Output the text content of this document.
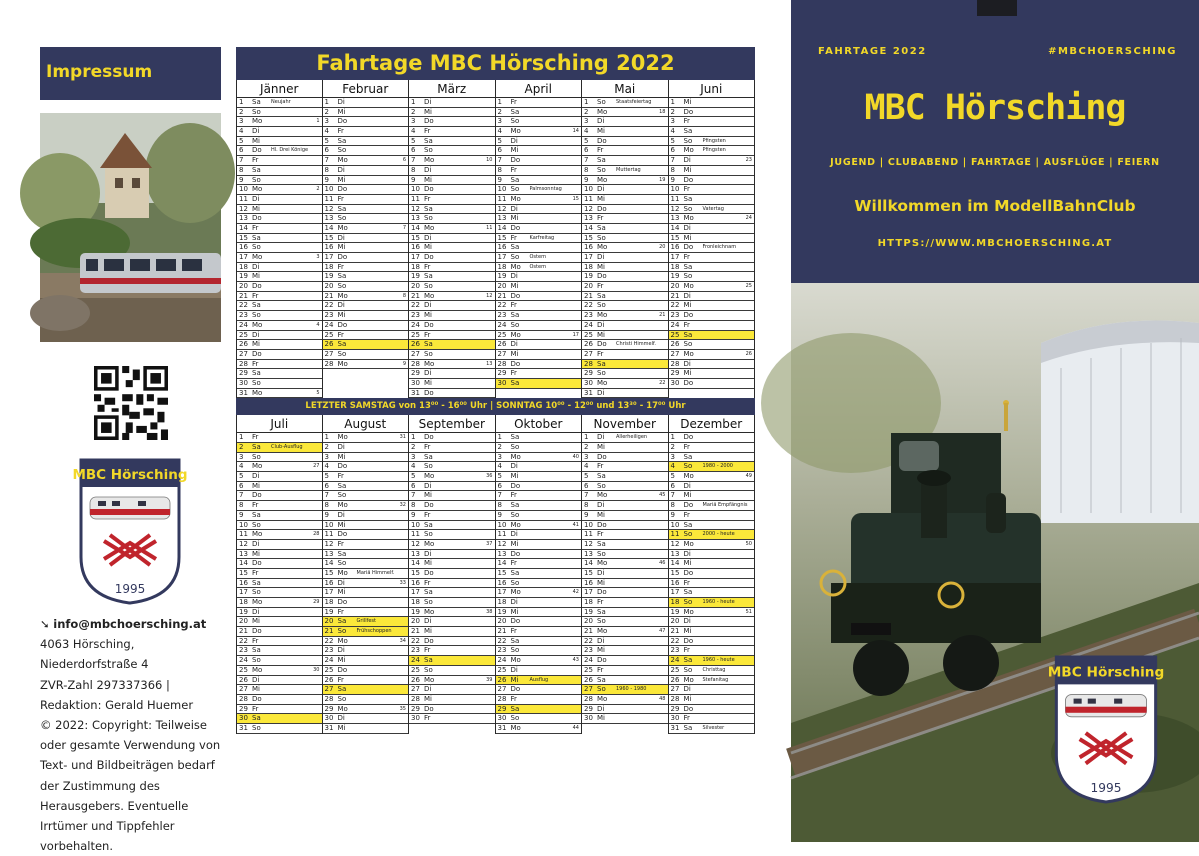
Impressum
MBC Hörsching
1995
➘ info@mbchoersching.at
4063 Hörsching, Niederdorfstraße 4
ZVR-Zahl 297337366 |
Redaktion: Gerald Huemer
© 2022: Copyright: Teilweise oder gesamte Verwendung von Text- und Bildbeiträgen bedarf der Zustimmung des Herausgebers. Eventuelle Irrtümer und Tippfehler vorbehalten.
Fahrtage MBC Hörsching 2022
Jänner
1 Sa Neujahr
2 So
3 Mo	1
4 Di
5 Mi
6 Do Hl. Drei Könige
7 Fr
8 Sa
9 So
10 Mo	2
11 Di
12 Mi
13 Do
14 Fr
15 Sa
16 So
17 Mo	3
18 Di
19 Mi
20 Do
21 Fr
22 Sa
23 So
24 Mo	4
25 Di
26 Mi
27 Do
28 Fr
29 Sa
30 So
31 Mo	5
Februar
1 Di
2 Mi
3 Do
4 Fr
5 Sa
6 So
7 Mo	6
8 Di
9 Mi
10 Do
11 Fr
12 Sa
13 So
14 Mo	7
15 Di
16 Mi
17 Do
18 Fr
19 Sa
20 So
21 Mo	8
22 Di
23 Mi
24 Do
25 Fr
26 Sa
27 So
28 Mo	9
März
1 Di
2 Mi
3 Do
4 Fr
5 Sa
6 So
7 Mo	10
8 Di
9 Mi
10 Do
11 Fr
12 Sa
13 So
14 Mo	11
15 Di
16 Mi
17 Do
18 Fr
19 Sa
20 So
21 Mo	12
22 Di
23 Mi
24 Do
25 Fr
26 Sa
27 So
28 Mo	13
29 Di
30 Mi
31 Do
April
1 Fr
2 Sa
3 So
4 Mo	14
5 Di
6 Mi
7 Do
8 Fr
9 Sa
10 So Palmsonntag
11 Mo	15
12 Di
13 Mi
14 Do
15 Fr	Karfreitag
16 Sa
17 So Ostern
18 Mo Ostern
19 Di
20 Mi
21 Do
22 Fr
23 Sa
24 So
25 Mo	17
26 Di
27 Mi
28 Do
29 Fr
30 Sa
Mai
1 So Staatsfeiertag
2 Mo	18
3 Di
4 Mi
5 Do
6 Fr
7 Sa
8 So Muttertag
9 Mo	19
10 Di
11 Mi
12 Do
13 Fr
14 Sa
15 So
16 Mo	20
17 Di
18 Mi
19 Do
20 Fr
21 Sa
22 So
23 Mo	21
24 Di
25 Mi
26 Do Christi Himmelf.
27 Fr
28 Sa
29 So
30 Mo	22
31 Di
Juni
1 Mi
2 Do
3 Fr
4 Sa
5 So Pfingsten
6 Mo Pfingsten
7 Di	23
8 Mi
9 Do
10 Fr
11 Sa
12 So Vatertag
13 Mo	24
14 Di
15 Mi
16 Do Fronleichnam
17 Fr
18 Sa
19 So
20 Mo	25
21 Di
22 Mi
23 Do
24 Fr
25 Sa
26 So
27 Mo	26
28 Di
29 Mi
30 Do
LETZTER SAMSTAG von 13⁰⁰ - 16⁰⁰ Uhr | SONNTAG 10⁰⁰ - 12⁰⁰ und 13³⁰ - 17⁰⁰ Uhr
Juli
1 Fr
2 Sa Club-Ausflug
3 So
4 Mo	27
5 Di
6 Mi
7 Do
8 Fr
9 Sa
10 So
11 Mo	28
12 Di
13 Mi
14 Do
15 Fr
16 Sa
17 So
18 Mo	29
19 Di
20 Mi
21 Do
22 Fr
23 Sa
24 So
25 Mo	30
26 Di
27 Mi
28 Do
29 Fr
30 Sa
31 So
August
1 Mo	31
2 Di
3 Mi
4 Do
5 Fr
6 Sa
7 So
8 Mo	32
9 Di
10 Mi
11 Do
12 Fr
13 Sa
14 So
15 Mo Mariä Himmelf.
16 Di	33
17 Mi
18 Do
19 Fr
20 Sa Grillfest
21 So Frühschoppen
22 Mo	34
23 Di
24 Mi
25 Do
26 Fr
27 Sa
28 So
29 Mo	35
30 Di
31 Mi
September
1 Do
2 Fr
3 Sa
4 So
5 Mo	36
6 Di
7 Mi
8 Do
9 Fr
10 Sa
11 So
12 Mo	37
13 Di
14 Mi
15 Do
16 Fr
17 Sa
18 So
19 Mo	38
20 Di
21 Mi
22 Do
23 Fr
24 Sa
25 So
26 Mo	39
27 Di
28 Mi
29 Do
30 Fr
Oktober
1 Sa
2 So
3 Mo	40
4 Di
5 Mi
6 Do
7 Fr
8 Sa
9 So
10 Mo	41
11 Di
12 Mi
13 Do
14 Fr
15 Sa
16 So
17 Mo	42
18 Di
19 Mi
20 Do
21 Fr
22 Sa
23 So
24 Mo	43
25 Di
26 Mi Ausflug
27 Do
28 Fr
29 Sa
30 So
31 Mo	44
November
1 Di Allerheiligen
2 Mi
3 Do
4 Fr
5 Sa
6 So
7 Mo	45
8 Di
9 Mi
10 Do
11 Fr
12 Sa
13 So
14 Mo	46
15 Di
16 Mi
17 Do
18 Fr
19 Sa
20 So
21 Mo	47
22 Di
23 Mi
24 Do
25 Fr
26 Sa
27 So 1960 - 1980
28 Mo	48
29 Di
30 Mi
Dezember
1 Do
2 Fr
3 Sa
4 So 1980 - 2000
5 Mo	49
6 Di
7 Mi
8 Do Mariä Empfängnis
9 Fr
10 Sa
11 So 2000 - heute
12 Mo	50
13 Di
14 Mi
15 Do
16 Fr
17 Sa
18 So 1960 - heute
19 Mo	51
20 Di
21 Mi
22 Do
23 Fr
24 Sa 1960 - heute
25 So Christtag
26 Mo Stefanitag
27 Di
28 Mi
29 Do
30 Fr
31 Sa Silvester
FAHRTAGE 2022	#MBCHOERSCHING
MBC Hörsching
JUGEND | CLUBABEND | FAHRTAGE | AUSFLÜGE | FEIERN
Willkommen im ModellBahnClub
HTTPS://WWW.MBCHOERSCHING.AT
MBC Hörsching
1995
